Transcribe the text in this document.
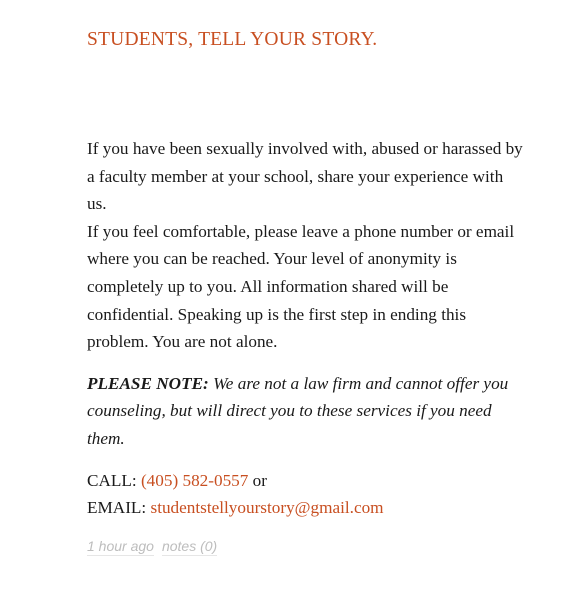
STUDENTS, TELL YOUR STORY.

If you have been sexually involved with, abused or harassed by a faculty member at your school, share your experience with us.
If you feel comfortable, please leave a phone number or email where you can be reached. Your level of anonymity is completely up to you. All information shared will be confidential. Speaking up is the first step in ending this problem. You are not alone.

PLEASE NOTE: We are not a law firm and cannot offer you counseling, but will direct you to these services if you need them.

CALL: (405) 582-0557 or
EMAIL: studentstellyourstory@gmail.com

1 hour ago notes (0)
